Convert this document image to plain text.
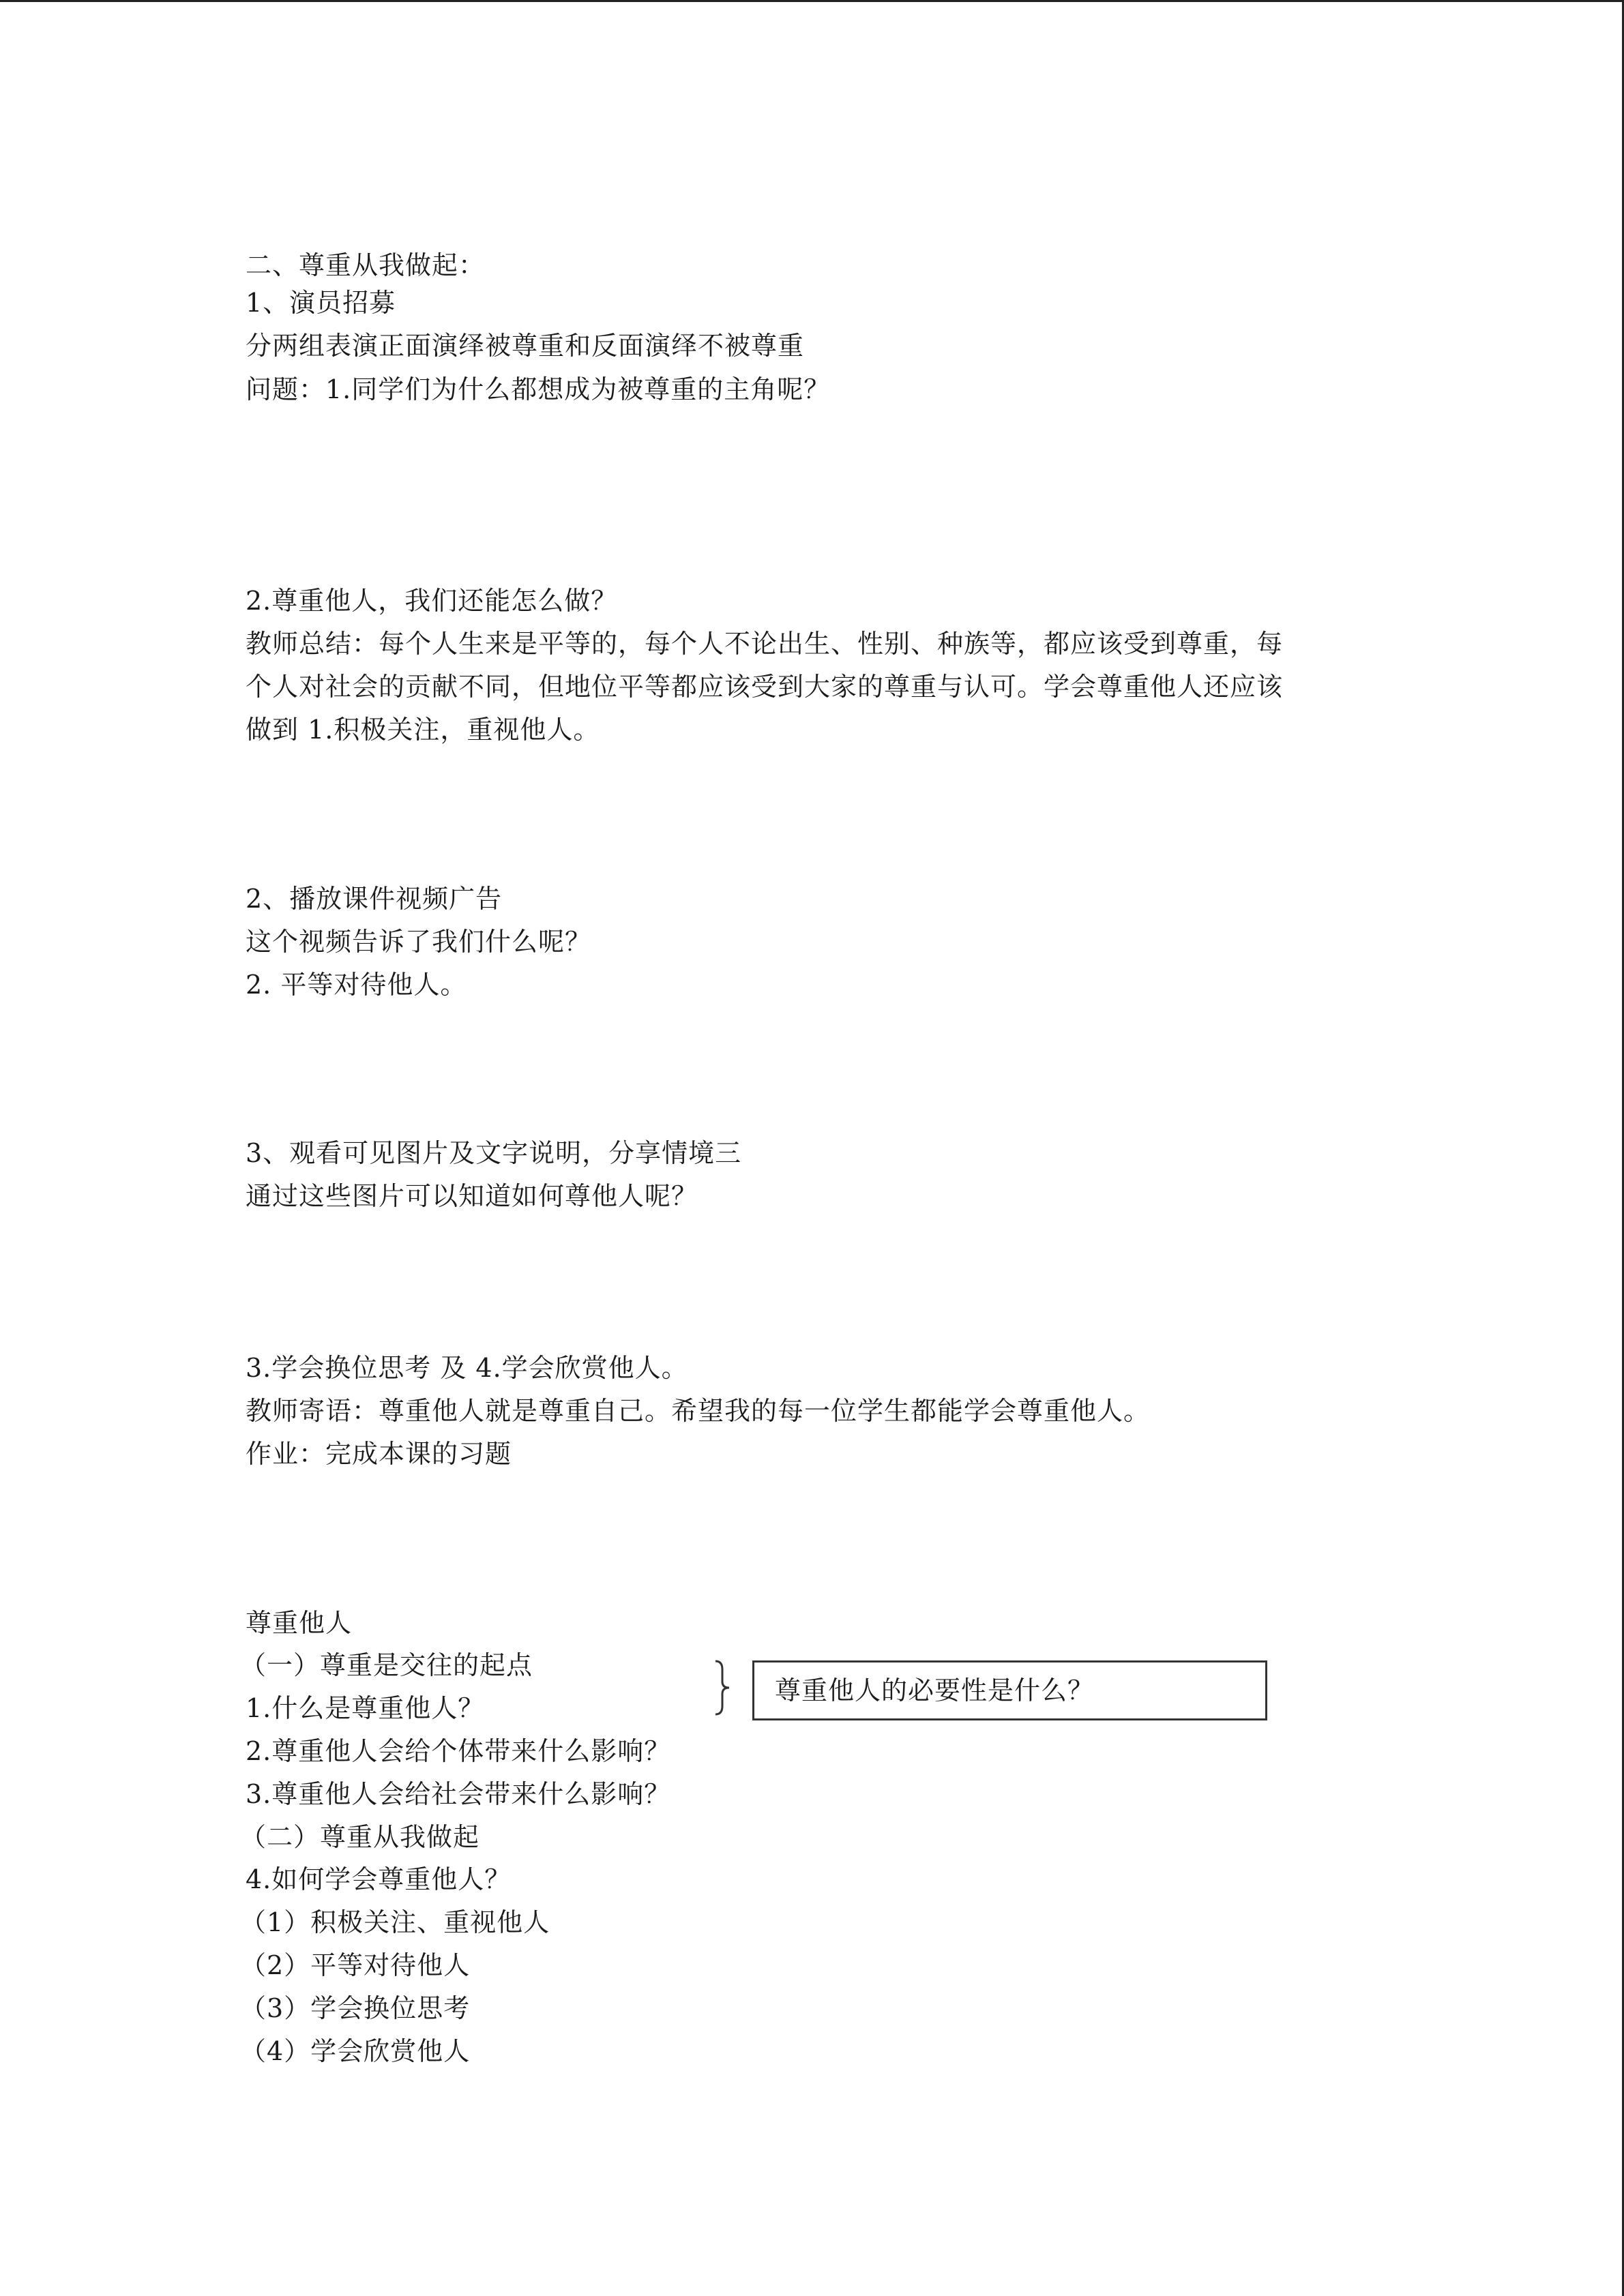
二、尊重从我做起：
1、演员招募
分两组表演正面演绎被尊重和反面演绎不被尊重
问题：1.同学们为什么都想成为被尊重的主角呢？
2.尊重他人，我们还能怎么做？
教师总结：每个人生来是平等的，每个人不论出生、性别、种族等，都应该受到尊重，每
个人对社会的贡献不同，但地位平等都应该受到大家的尊重与认可。学会尊重他人还应该
做到 1.积极关注，重视他人。
2、播放课件视频广告
这个视频告诉了我们什么呢？
2. 平等对待他人。
3、观看可见图片及文字说明，分享情境三
通过这些图片可以知道如何尊他人呢？
3.学会换位思考 及 4.学会欣赏他人。
教师寄语：尊重他人就是尊重自己。希望我的每一位学生都能学会尊重他人。
作业：完成本课的习题
尊重他人
（一）尊重是交往的起点
1.什么是尊重他人？
2.尊重他人会给个体带来什么影响？
3.尊重他人会给社会带来什么影响？
（二）尊重从我做起
4.如何学会尊重他人？
（1）积极关注、重视他人
（2）平等对待他人
（3）学会换位思考
（4）学会欣赏他人
尊重他人的必要性是什么？
